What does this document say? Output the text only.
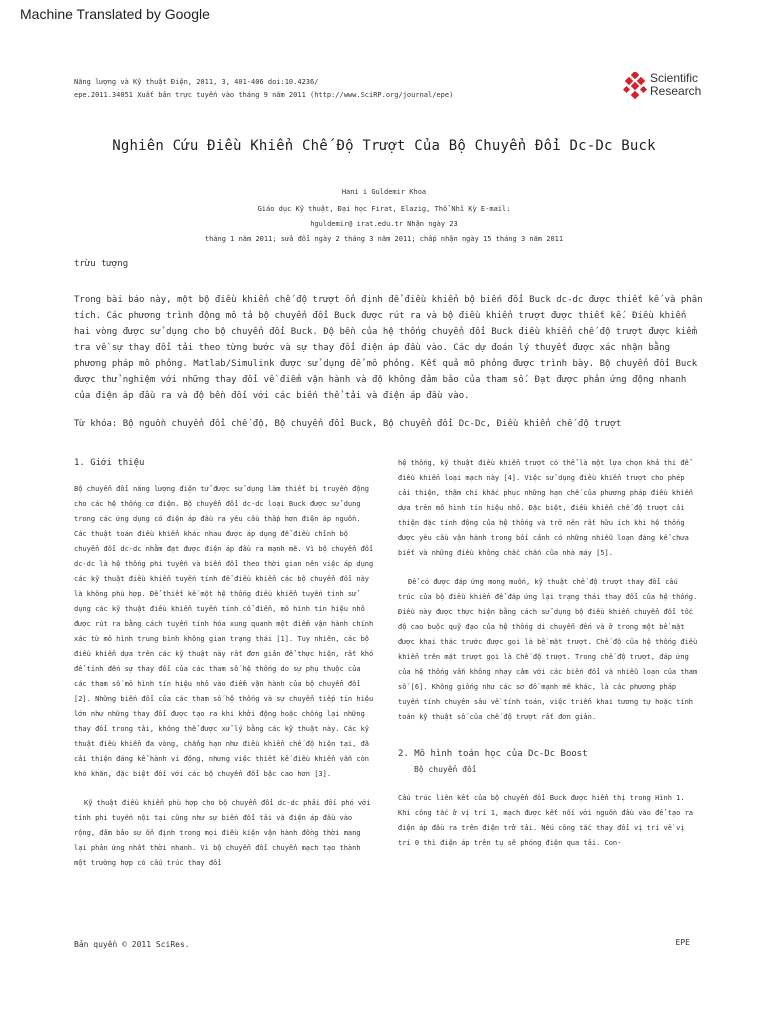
Machine Translated by Google
Năng lượng và Kỹ thuật Điện, 2011, 3, 401-406 doi:10.4236/
epe.2011.34051 Xuất bản trực tuyến vào tháng 9 năm 2011 (http://www.SciRP.org/journal/epe)
Scientific
Research
Nghiên Cứu Điều Khiển Chế Độ Trượt Của Bộ Chuyển Đổi Dc-Dc Buck
Hani i Guldemir Khoa
Giáo dục Kỹ thuật, Đại học Firat, Elazig, Thổ Nhĩ Kỳ E-mail:
hguldemir@ irat.edu.tr Nhận ngày 23
tháng 1 năm 2011; sửa đổi ngày 2 tháng 3 năm 2011; chấp nhận ngày 15 tháng 3 năm 2011
trừu tượng
Trong bài báo này, một bộ điều khiển chế độ trượt ổn định để điều khiển bộ biến đổi Buck dc-dc được thiết kế và phân tích. Các phương trình động mô tả bộ chuyển đổi Buck được rút ra và bộ điều khiển trượt được thiết kế. Điều khiển hai vòng được sử dụng cho bộ chuyển đổi Buck. Độ bền của hệ thống chuyển đổi Buck điều khiển chế độ trượt được kiểm tra về sự thay đổi tải theo từng bước và sự thay đổi điện áp đầu vào. Các dự đoán lý thuyết được xác nhận bằng phương pháp mô phỏng. Matlab/Simulink được sử dụng để mô phỏng. Kết quả mô phỏng được trình bày. Bộ chuyển đổi Buck được thử nghiệm với những thay đổi về điểm vận hành và độ không đảm bảo của tham số. Đạt được phản ứng động nhanh của điện áp đầu ra và độ bền đối với các biến thể tải và điện áp đầu vào.
Từ khóa: Bộ nguồn chuyển đổi chế độ, Bộ chuyển đổi Buck, Bộ chuyển đổi Dc-Dc, Điều khiển chế độ trượt
1. Giới thiệu

Bộ chuyển đổi năng lượng điện tử được sử dụng làm thiết bị truyền động cho các hệ thống cơ điện. Bộ chuyển đổi dc-dc loại Buck được sử dụng trong các ứng dụng có điện áp đầu ra yêu cầu thấp hơn điện áp nguồn. Các thuật toán điều khiển khác nhau được áp dụng để điều chỉnh bộ chuyển đổi dc-dc nhằm đạt được điện áp đầu ra mạnh mẽ. Vì bộ chuyển đổi dc-dc là hệ thống phi tuyến và biến đổi theo thời gian nên việc áp dụng các kỹ thuật điều khiển tuyến tính để điều khiển các bộ chuyển đổi này là không phù hợp. Để thiết kế một hệ thống điều khiển tuyến tính sử dụng các kỹ thuật điều khiển tuyến tính cổ điển, mô hình tín hiệu nhỏ được rút ra bằng cách tuyến tính hóa xung quanh một điểm vận hành chính xác từ mô hình trung bình không gian trạng thái [1]. Tuy nhiên, các bộ điều khiển dựa trên các kỹ thuật này rất đơn giản để thực hiện, rất khó để tính đến sự thay đổi của các tham số hệ thống do sự phụ thuộc của các tham số mô hình tín hiệu nhỏ vào điểm vận hành của bộ chuyển đổi [2]. Những biến đổi của các tham số hệ thống và sự chuyển tiếp tín hiệu lớn như những thay đổi được tạo ra khi khởi động hoặc chống lại những thay đổi trong tải, không thể được xử lý bằng các kỹ thuật này. Các kỹ thuật điều khiển đa vòng, chẳng hạn như điều khiển chế độ hiện tại, đã cải thiện đáng kể hành vi động, nhưng việc thiết kế điều khiển vẫn còn khó khăn, đặc biệt đối với các bộ chuyển đổi bậc cao hơn [3].

Kỹ thuật điều khiển phù hợp cho bộ chuyển đổi dc-dc phải đối phó với tính phi tuyến nội tại cũng như sự biến đổi tải và điện áp đầu vào rộng, đảm bảo sự ổn định trong mọi điều kiện vận hành đồng thời mang lại phản ứng nhất thời nhanh. Vì bộ chuyển đổi chuyển mạch tạo thành một trường hợp có cấu trúc thay đổi

hệ thống, kỹ thuật điều khiển trượt có thể là một lựa chọn khả thi để điều khiển loại mạch này [4]. Việc sử dụng điều khiển trượt cho phép cải thiện, thậm chí khắc phục những hạn chế của phương pháp điều khiển dựa trên mô hình tín hiệu nhỏ. Đặc biệt, điều khiển chế độ trượt cải thiện đặc tính động của hệ thống và trở nên rất hữu ích khi hệ thống được yêu cầu vận hành trong bối cảnh có những nhiễu loạn đáng kể chưa biết và những điều không chắc chắn của nhà máy [5].

Để có được đáp ứng mong muốn, kỹ thuật chế độ trượt thay đổi cấu trúc của bộ điều khiển để đáp ứng lại trạng thái thay đổi của hệ thống. Điều này được thực hiện bằng cách sử dụng bộ điều khiển chuyển đổi tốc độ cao buộc quỹ đạo của hệ thống di chuyển đến và ở trong một bề mặt được khai thác trước được gọi là bề mặt trượt. Chế độ của hệ thống điều khiển trên mặt trượt gọi là Chế độ trượt. Trong chế độ trượt, đáp ứng của hệ thống vẫn không nhạy cảm với các biến đổi và nhiễu loạn của tham số [6]. Không giống như các sơ đồ mạnh mẽ khác, là các phương pháp tuyến tính chuyên sâu về tính toán, việc triển khai tương tự hoặc tính toán kỹ thuật số của chế độ trượt rất đơn giản.

2. Mô hình toán học của Dc-Dc Boost
Bộ chuyển đổi

Cấu trúc liên kết của bộ chuyển đổi Buck được hiển thị trong Hình 1. Khi công tắc ở vị trí 1, mạch được kết nối với nguồn đầu vào để tạo ra điện áp đầu ra trên điện trở tải. Nếu công tắc thay đổi vị trí về vị trí 0 thì điện áp trên tụ sẽ phóng điện qua tải. Con-

Bản quyền © 2011 SciRes.	EPE
